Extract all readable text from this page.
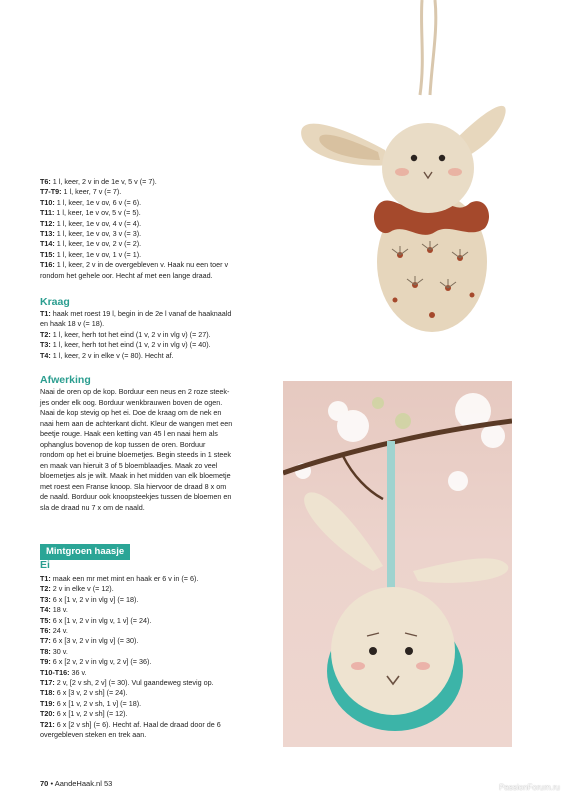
T6: 1 l, keer, 2 v in de 1e v, 5 v (= 7).
T7-T9: 1 l, keer, 7 v (= 7).
T10: 1 l, keer, 1e v ov, 6 v (= 6).
T11: 1 l, keer, 1e v ov, 5 v (= 5).
T12: 1 l, keer, 1e v ov, 4 v (= 4).
T13: 1 l, keer, 1e v ov, 3 v (= 3).
T14: 1 l, keer, 1e v ov, 2 v (= 2).
T15: 1 l, keer, 1e v ov, 1 v (= 1).
T16: 1 l, keer, 2 v in de overgebleven v. Haak nu een toer v
rondom het gehele oor. Hecht af met een lange draad.
Kraag
T1: haak met roest 19 l, begin in de 2e l vanaf de haaknaald
en haak 18 v (= 18).
T2: 1 l, keer, herh tot het eind (1 v, 2 v in vlg v) (= 27).
T3: 1 l, keer, herh tot het eind (1 v, 2 v in vlg v) (= 40).
T4: 1 l, keer, 2 v in elke v (= 80). Hecht af.
Afwerking
Naai de oren op de kop. Borduur een neus en 2 roze steek-
jes onder elk oog. Borduur wenkbrauwen boven de ogen.
Naai de kop stevig op het ei. Doe de kraag om de nek en
naai hem aan de achterkant dicht. Kleur de wangen met een
beetje rouge. Haak een ketting van 45 l en naai hem als
ophanglus bovenop de kop tussen de oren. Borduur
rondom op het ei bruine bloemetjes. Begin steeds in 1 steek
en maak van hieruit 3 of 5 bloemblaadjes. Maak zo veel
bloemetjes als je wilt. Maak in het midden van elk bloemetje
met roest een Franse knoop. Sla hiervoor de draad 8 x om
de naald. Borduur ook knoopsteekjes tussen de bloemen en
sla de draad nu 7 x om de naald.
Mintgroen haasje
Ei
T1: maak een mr met mint en haak er 6 v in (= 6).
T2: 2 v in elke v (= 12).
T3: 6 x [1 v, 2 v in vlg v] (= 18).
T4: 18 v.
T5: 6 x [1 v, 2 v in vlg v, 1 v] (= 24).
T6: 24 v.
T7: 6 x [3 v, 2 v in vlg v] (= 30).
T8: 30 v.
T9: 6 x [2 v, 2 v in vlg v, 2 v] (= 36).
T10-T16: 36 v.
T17: 2 v, [2 v sh, 2 v] (= 30). Vul gaandeweg stevig op.
T18: 6 x [3 v, 2 v sh] (= 24).
T19: 6 x [1 v, 2 v sh, 1 v] (= 18).
T20: 6 x [1 v, 2 v sh] (= 12).
T21: 6 x [2 v sh] (= 6). Hecht af. Haal de draad door de 6
overgebleven steken en trek aan.
70 • AandeHaak.nl 53	PassionForum.ru
